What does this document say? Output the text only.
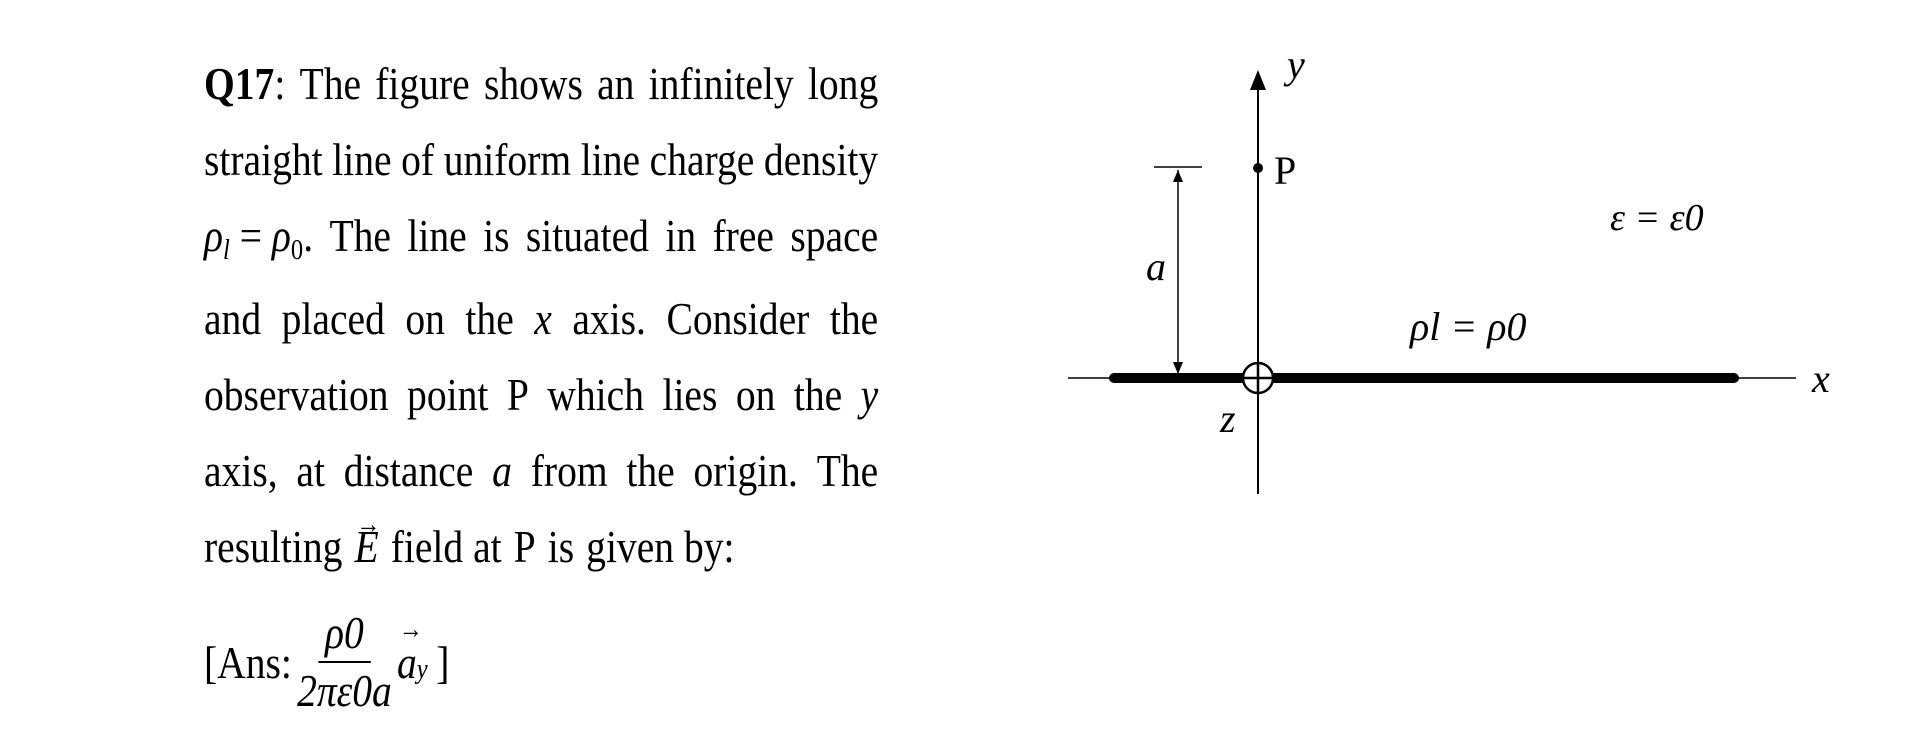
Q17: The figure shows an infinitely long
straight line of uniform line charge density
ρl = ρ0. The line is situated in free space
and placed on the x axis. Consider the
observation point P which lies on the y
axis, at distance a from the origin. The
resulting
→ E field at P is given by:
[Ans: $\frac{\rho 0}{2\pi\varepsilon 0a}$
→ a y ]
y
P
a
ε = ε0
ρl = ρ0
x
z
